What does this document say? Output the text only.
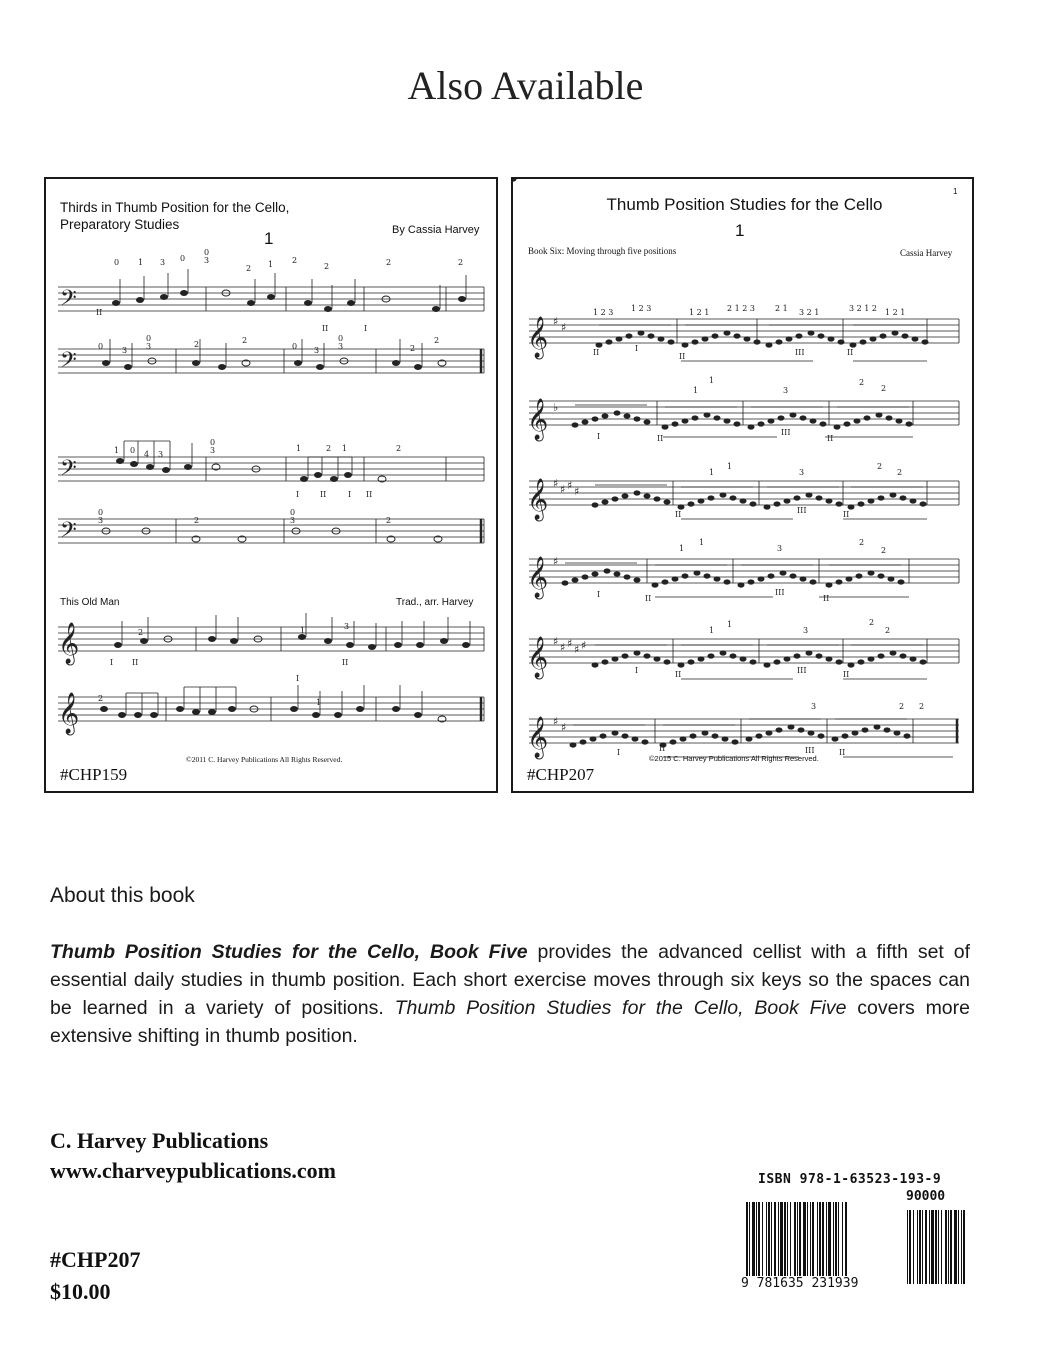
Also Available
Thirds in Thumb Position for the Cello,
Preparatory Studies
1	By Cassia Harvey
This Old Man	Trad., arr. Harvey
©2011 C. Harvey Publications All Rights Reserved.
#CHP159
𝄢
𝄢
𝄢
𝄢
𝄞
𝄞
0 1 3 0
0
3
2 1 2
2	2	2
0 3
0
3	2	2
0 3
0
3	2
2
1 0 4 3
0
3	1	2 1	2
0
3	2
0
3	2
2	1	3
2	1
II
II	I
I	II	I II
I II
I
II
1
Thumb Position Studies for the Cello
1
Book Six: Moving through five positions	Cassia Harvey
©2015 C. Harvey Publications All Rights Reserved.
#CHP207
𝄞
𝄞
𝄞
𝄞
𝄞
𝄞
♯ ♯
♭
♯ ♯ ♯ ♯
♯
♯ ♯ ♯ ♯ ♯
♯ ♯
1 2 3 1 2 3	1 2 1 2 1 2 3	2 1 3 2 1	3 2 1 2 1 2 1
1
1
3
2
2
1
1
3
2
2
1
1
3
2
2
1
1
3
2
2
3	2 2
II	I
II	III	II
I	II
III
II
II	III	II
I	II
III
II
I	II	III	II
I	II	III	II
About this book
Thumb Position Studies for the Cello, Book Five provides the advanced cellist with a fifth set of essential daily studies in thumb position. Each short exercise moves through six keys so the spaces can be learned in a variety of positions. Thumb Position Studies for the Cello, Book Five covers more extensive shifting in thumb position.
C. Harvey Publications
www.charveypublications.com
#CHP207
$10.00
ISBN 978-1-63523-193-9
90000
9 781635 231939
